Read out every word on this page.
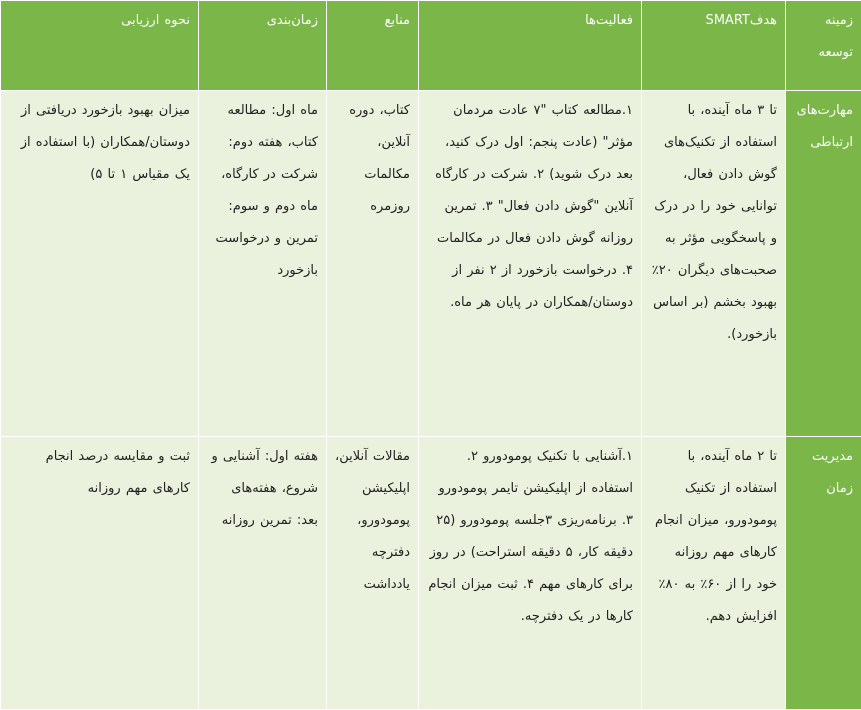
زمینه توسعه	هدفSMART	فعالیت‌ها	منابع	زمان‌بندی	نحوه ارزیابی

مهارت‌های ارتباطی	تا ۳ ماه آینده، با استفاده از تکنیک‌های گوش دادن فعال، توانایی خود را در درک و پاسخگویی مؤثر به صحبت‌های دیگران ۲۰٪ بهبود بخشم (بر اساس بازخورد).	۱.مطالعه کتاب "۷ عادت مردمان مؤثر" (عادت پنجم: اول درک کنید، بعد درک شوید) ۲. شرکت در کارگاه آنلاین "گوش دادن فعال" ۳. تمرین روزانه گوش دادن فعال در مکالمات ۴. درخواست بازخورد از ۲ نفر از دوستان/همکاران در پایان هر ماه.	کتاب، دوره آنلاین، مکالمات روزمره	ماه اول: مطالعه کتاب، هفته دوم: شرکت در کارگاه، ماه دوم و سوم: تمرین و درخواست بازخورد	میزان بهبود بازخورد دریافتی از دوستان/همکاران (با استفاده از یک مقیاس ۱ تا ۵)

مدیریت زمان	تا ۲ ماه آینده، با استفاده از تکنیک پومودورو، میزان انجام کارهای مهم روزانه خود را از ۶۰٪ به ۸۰٪ افزایش دهم.	۱.آشنایی با تکنیک پومودورو ۲. استفاده از اپلیکیشن تایمر پومودورو ۳. برنامه‌ریزی ۳جلسه پومودورو (۲۵ دقیقه کار، ۵ دقیقه استراحت) در روز برای کارهای مهم ۴. ثبت میزان انجام کارها در یک دفترچه.	مقالات آنلاین، اپلیکیشن پومودورو، دفترچه یادداشت	هفته اول: آشنایی و شروع، هفته‌های بعد: تمرین روزانه	ثبت و مقایسه درصد انجام کارهای مهم روزانه
